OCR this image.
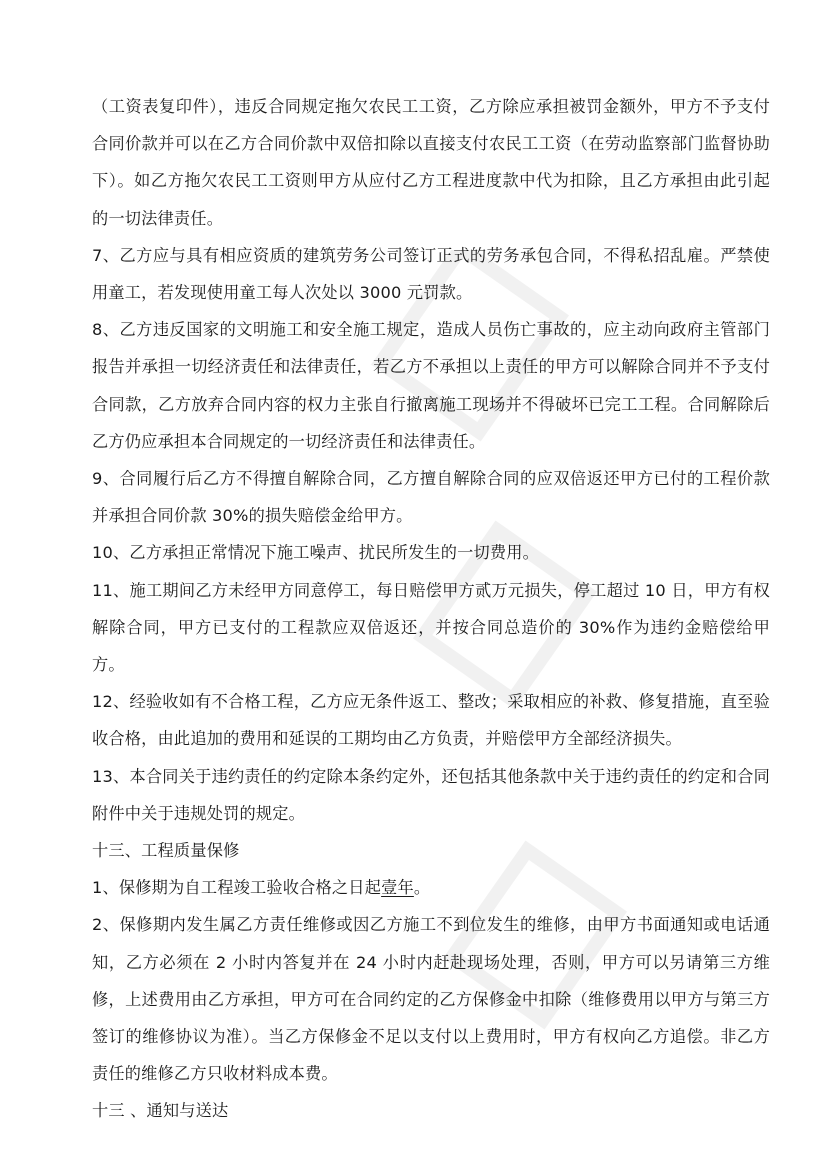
（工资表复印件），违反合同规定拖欠农民工工资，乙方除应承担被罚金额外，甲方不予支付合同价款并可以在乙方合同价款中双倍扣除以直接支付农民工工资（在劳动监察部门监督协助下）。如乙方拖欠农民工工资则甲方从应付乙方工程进度款中代为扣除，且乙方承担由此引起的一切法律责任。

7、乙方应与具有相应资质的建筑劳务公司签订正式的劳务承包合同，不得私招乱雇。严禁使用童工，若发现使用童工每人次处以 3000 元罚款。

8、乙方违反国家的文明施工和安全施工规定，造成人员伤亡事故的，应主动向政府主管部门报告并承担一切经济责任和法律责任，若乙方不承担以上责任的甲方可以解除合同并不予支付合同款，乙方放弃合同内容的权力主张自行撤离施工现场并不得破坏已完工工程。合同解除后乙方仍应承担本合同规定的一切经济责任和法律责任。

9、合同履行后乙方不得擅自解除合同，乙方擅自解除合同的应双倍返还甲方已付的工程价款并承担合同价款 30%的损失赔偿金给甲方。

10、乙方承担正常情况下施工噪声、扰民所发生的一切费用。

11、施工期间乙方未经甲方同意停工，每日赔偿甲方贰万元损失，停工超过 10 日，甲方有权解除合同，甲方已支付的工程款应双倍返还，并按合同总造价的 30%作为违约金赔偿给甲方。

12、经验收如有不合格工程，乙方应无条件返工、整改；采取相应的补救、修复措施，直至验收合格，由此追加的费用和延误的工期均由乙方负责，并赔偿甲方全部经济损失。

13、本合同关于违约责任的约定除本条约定外，还包括其他条款中关于违约责任的约定和合同附件中关于违规处罚的规定。

十三、工程质量保修

1、保修期为自工程竣工验收合格之日起壹年。

2、保修期内发生属乙方责任维修或因乙方施工不到位发生的维修，由甲方书面通知或电话通知，乙方必须在 2 小时内答复并在 24 小时内赶赴现场处理，否则，甲方可以另请第三方维修，上述费用由乙方承担，甲方可在合同约定的乙方保修金中扣除（维修费用以甲方与第三方签订的维修协议为准）。当乙方保修金不足以支付以上费用时，甲方有权向乙方追偿。非乙方责任的维修乙方只收材料成本费。

十三 、通知与送达
